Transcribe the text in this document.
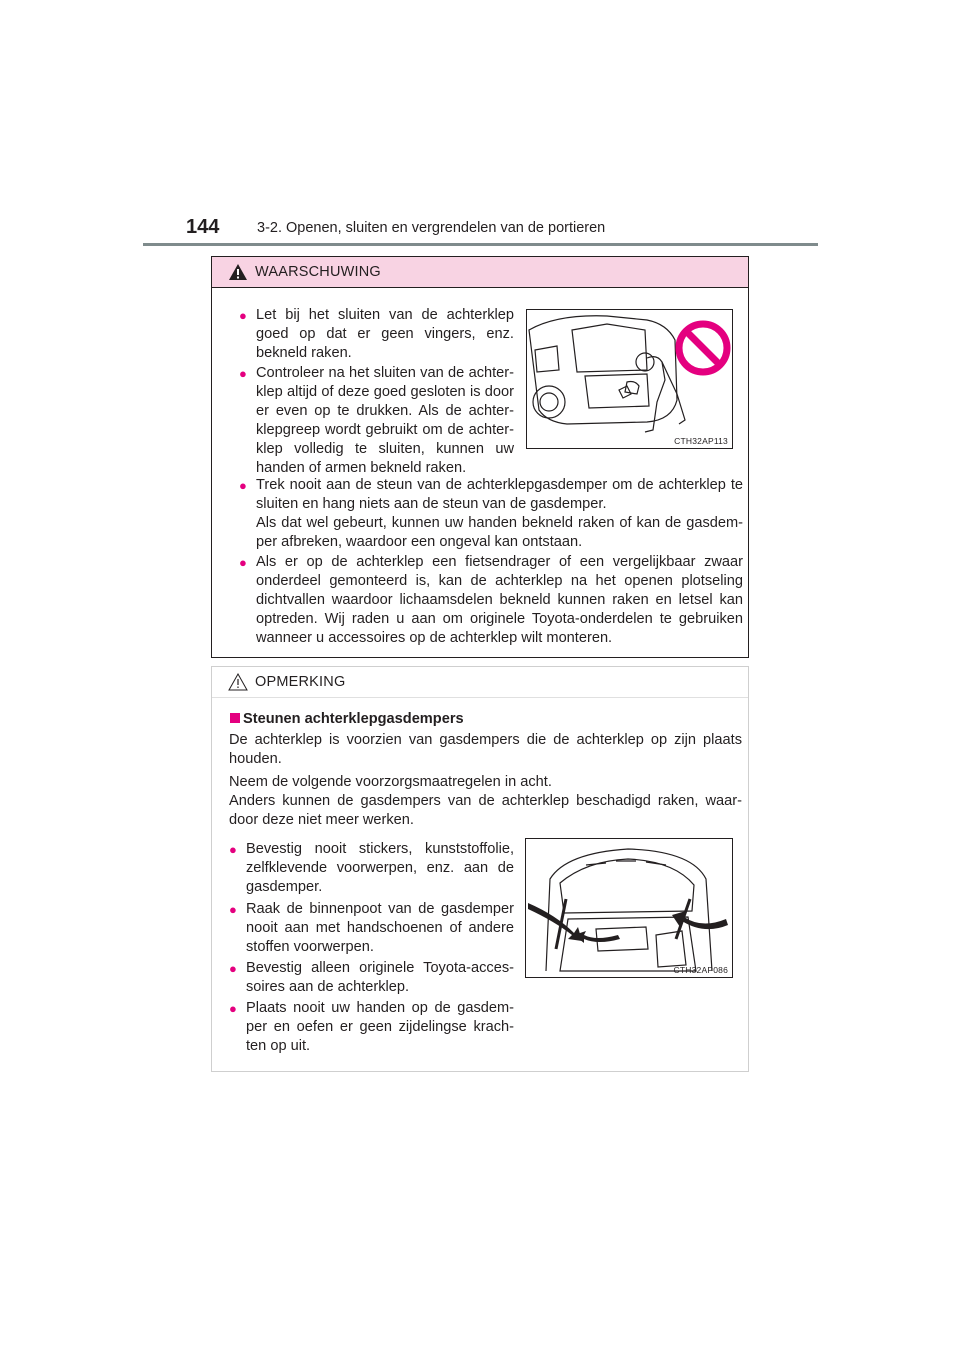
144	3-2. Openen, sluiten en vergrendelen van de portieren
WAARSCHUWING
● Let bij het sluiten van de achterklep goed op dat er geen vingers, enz. bekneld raken.

● Controleer na het sluiten van de achter-klep altijd of deze goed gesloten is door er even op te drukken. Als de achter-klepgreep wordt gebruikt om de achter-klep volledig te sluiten, kunnen uw handen of armen bekneld raken.

CTH32AP113
● Trek nooit aan de steun van de achterklepgasdemper om de achterklep te sluiten en hang niets aan de steun van de gasdemper.

Als dat wel gebeurt, kunnen uw handen bekneld raken of kan de gasdem-per afbreken, waardoor een ongeval kan ontstaan.

● Als er op de achterklep een fietsendrager of een vergelijkbaar zwaar onderdeel gemonteerd is, kan de achterklep na het openen plotseling dichtvallen waardoor lichaamsdelen bekneld kunnen raken en letsel kan optreden. Wij raden u aan om originele Toyota-onderdelen te gebruiken wanneer u accessoires op de achterklep wilt monteren.

OPMERKING

Steunen achterklepgasdempers

De achterklep is voorzien van gasdempers die de achterklep op zijn plaats houden.

Neem de volgende voorzorgsmaatregelen in acht.

Anders kunnen de gasdempers van de achterklep beschadigd raken, waar-door deze niet meer werken.

● Bevestig nooit stickers, kunststoffolie, zelfklevende voorwerpen, enz. aan de gasdemper.

● Raak de binnenpoot van de gasdemper nooit aan met handschoenen of andere stoffen voorwerpen.

● Bevestig alleen originele Toyota-acces-soires aan de achterklep.

● Plaats nooit uw handen op de gasdem-per en oefen er geen zijdelingse krach-ten op uit.

CTH32AP086
